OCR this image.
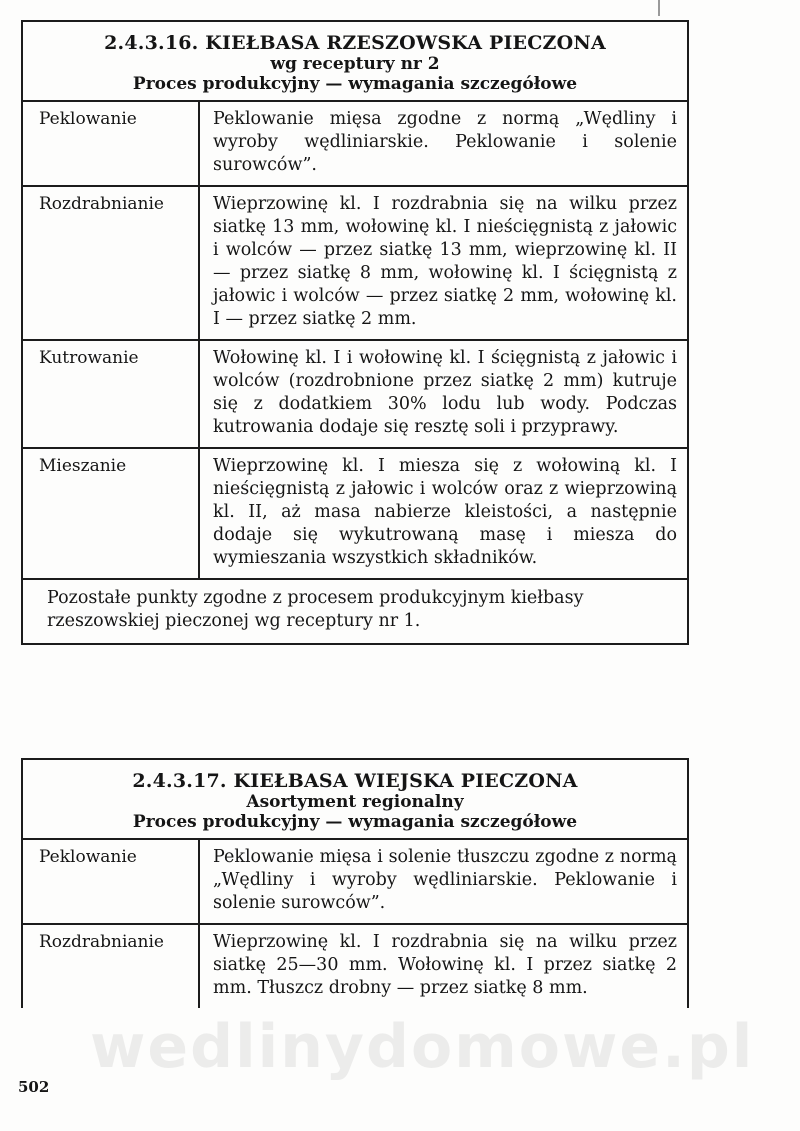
2.4.3.16. KIEŁBASA RZESZOWSKA PIECZONA
wg receptury nr 2
Proces produkcyjny — wymagania szczegółowe
Peklowanie	Peklowanie mięsa zgodne z normą „Wędliny i wyroby wędliniarskie. Peklowanie i solenie surowców”.
Rozdrabnianie	Wieprzowinę kl. I rozdrabnia się na wilku przez siatkę 13 mm, wołowinę kl. I nieścięgnistą z jałowic i wolców — przez siatkę 13 mm, wieprzowinę kl. II — przez siatkę 8 mm, wołowinę kl. I ścięgnistą z jałowic i wolców — przez siatkę 2 mm, wołowinę kl. I — przez siatkę 2 mm.
Kutrowanie	Wołowinę kl. I i wołowinę kl. I ścięgnistą z jałowic i wolców (rozdrobnione przez siatkę 2 mm) kutruje się z dodatkiem 30% lodu lub wody. Podczas kutrowania dodaje się resztę soli i przyprawy.
Mieszanie	Wieprzowinę kl. I miesza się z wołowiną kl. I nieścięgnistą z jałowic i wolców oraz z wieprzowiną kl. II, aż masa nabierze kleistości, a następnie dodaje się wykutrowaną masę i miesza do wymieszania wszystkich składników.
Pozostałe punkty zgodne z procesem produkcyjnym kiełbasy rzeszowskiej pieczonej wg receptury nr 1.
2.4.3.17. KIEŁBASA WIEJSKA PIECZONA
Asortyment regionalny
Proces produkcyjny — wymagania szczegółowe
Peklowanie	Peklowanie mięsa i solenie tłuszczu zgodne z normą „Wędliny i wyroby wędliniarskie. Peklowanie i solenie surowców”.
Rozdrabnianie	Wieprzowinę kl. I rozdrabnia się na wilku przez siatkę 25—30 mm. Wołowinę kl. I przez siatkę 2 mm. Tłuszcz drobny — przez siatkę 8 mm.
wedlinydomowe.pl
502
